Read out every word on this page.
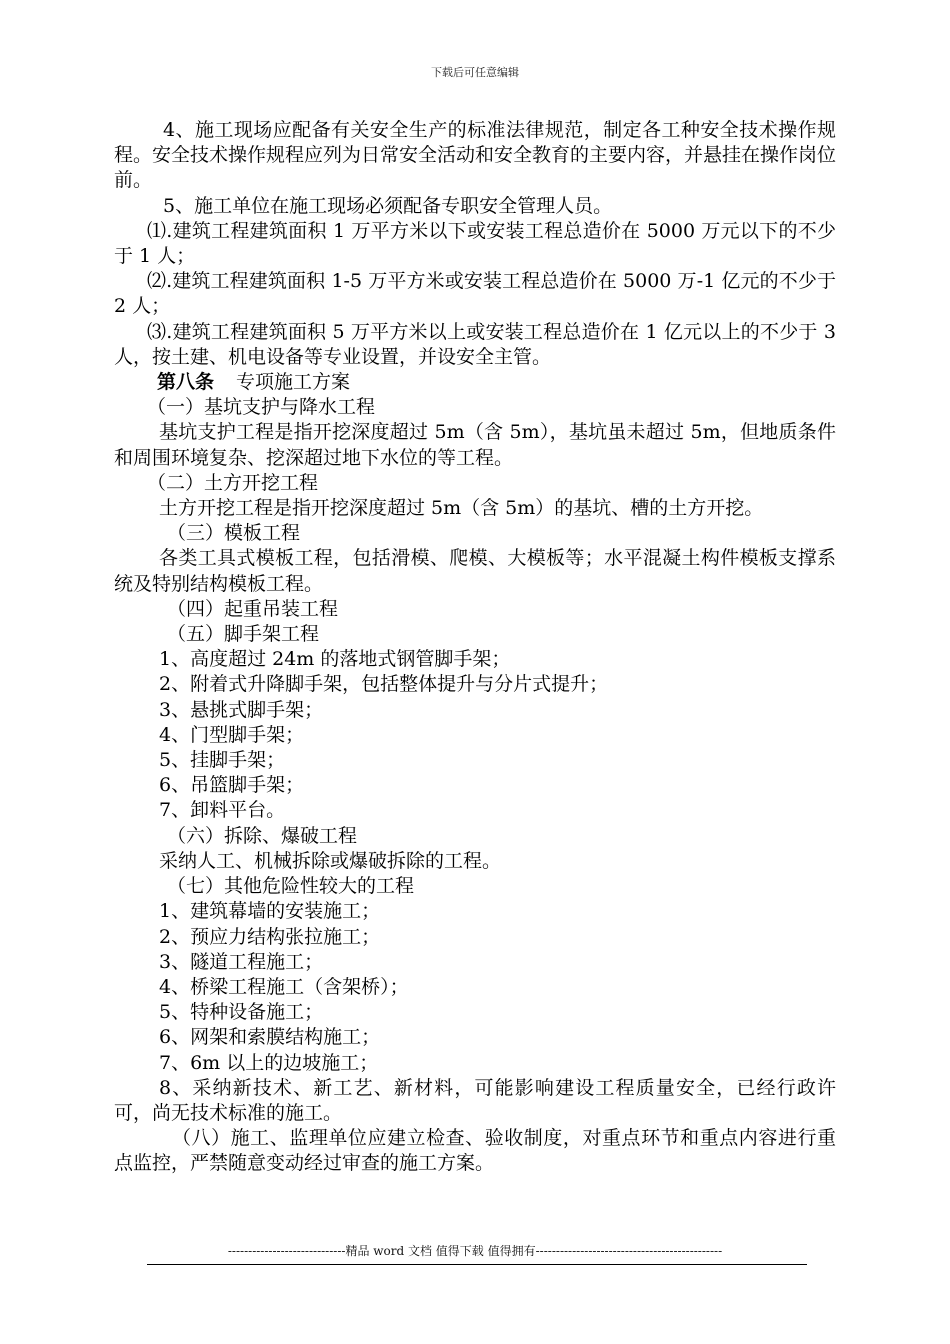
下载后可任意编辑

4、施工现场应配备有关安全生产的标准法律规范，制定各工种安全技术操作规程。安全技术操作规程应列为日常安全活动和安全教育的主要内容，并悬挂在操作岗位前。

5、施工单位在施工现场必须配备专职安全管理人员。

⑴.建筑工程建筑面积 1 万平方米以下或安装工程总造价在 5000 万元以下的不少于 1 人；

⑵.建筑工程建筑面积 1-5 万平方米或安装工程总造价在 5000 万-1 亿元的不少于 2 人；

⑶.建筑工程建筑面积 5 万平方米以上或安装工程总造价在 1 亿元以上的不少于 3 人，按土建、机电设备等专业设置，并设安全主管。

第八条 专项施工方案

（一）基坑支护与降水工程

基坑支护工程是指开挖深度超过 5m（含 5m），基坑虽未超过 5m，但地质条件和周围环境复杂、挖深超过地下水位的等工程。

（二）土方开挖工程

土方开挖工程是指开挖深度超过 5m（含 5m）的基坑、槽的土方开挖。

（三）模板工程

各类工具式模板工程，包括滑模、爬模、大模板等；水平混凝土构件模板支撑系统及特别结构模板工程。

（四）起重吊装工程

（五）脚手架工程

1、高度超过 24m 的落地式钢管脚手架；

2、附着式升降脚手架，包括整体提升与分片式提升；

3、悬挑式脚手架；

4、门型脚手架；

5、挂脚手架；

6、吊篮脚手架；

7、卸料平台。

（六）拆除、爆破工程

采纳人工、机械拆除或爆破拆除的工程。

（七）其他危险性较大的工程

1、建筑幕墙的安装施工；

2、预应力结构张拉施工；

3、隧道工程施工；

4、桥梁工程施工（含架桥）；

5、特种设备施工；

6、网架和索膜结构施工；

7、6m 以上的边坡施工；

8、采纳新技术、新工艺、新材料，可能影响建设工程质量安全，已经行政许可，尚无技术标准的施工。

（八）施工、监理单位应建立检查、验收制度，对重点环节和重点内容进行重点监控，严禁随意变动经过审查的施工方案。

-----------------------------精品 word 文档 值得下载 值得拥有----------------------------------------------
